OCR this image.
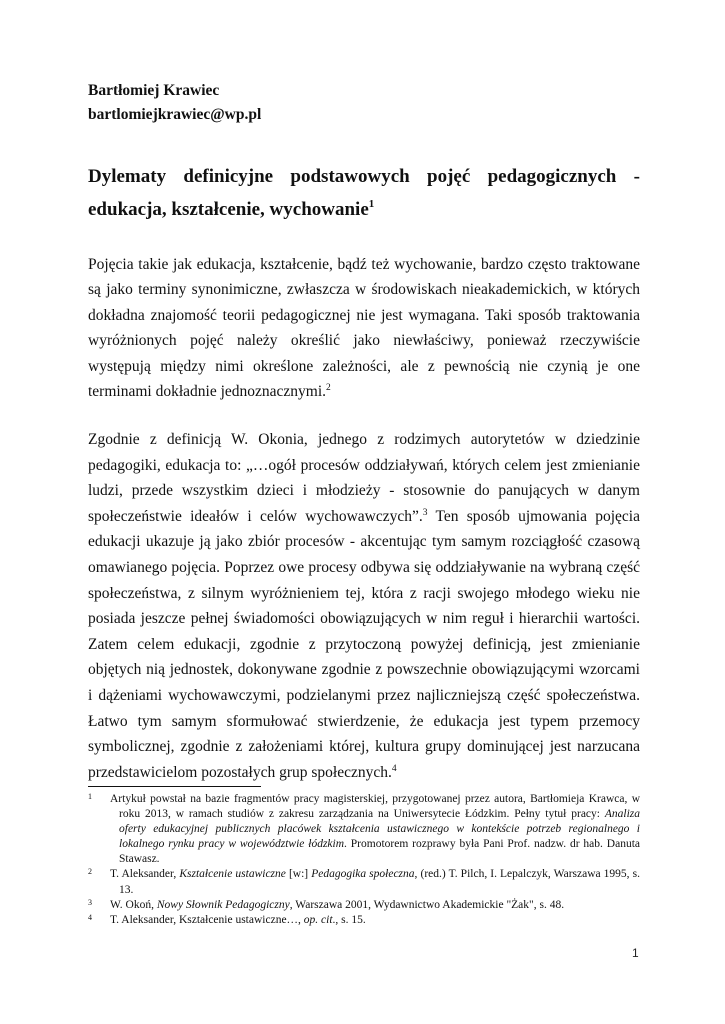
Bartłomiej Krawiec
bartlomiejkrawiec@wp.pl
Dylematy definicyjne podstawowych pojęć pedagogicznych - edukacja, kształcenie, wychowanie$^1$
Pojęcia takie jak edukacja, kształcenie, bądź też wychowanie, bardzo często traktowane są jako terminy synonimiczne, zwłaszcza w środowiskach nieakademickich, w których dokładna znajomość teorii pedagogicznej nie jest wymagana. Taki sposób traktowania wyróżnionych pojęć należy określić jako niewłaściwy, ponieważ rzeczywiście występują między nimi określone zależności, ale z pewnością nie czynią je one terminami dokładnie jednoznacznymi.$^2$
Zgodnie z definicją W. Okonia, jednego z rodzimych autorytetów w dziedzinie pedagogiki, edukacja to: „…ogół procesów oddziaływań, których celem jest zmienianie ludzi, przede wszystkim dzieci i młodzieży - stosownie do panujących w danym społeczeństwie ideałów i celów wychowawczych”.$^3$ Ten sposób ujmowania pojęcia edukacji ukazuje ją jako zbiór procesów - akcentując tym samym rozciągłość czasową omawianego pojęcia. Poprzez owe procesy odbywa się oddziaływanie na wybraną część społeczeństwa, z silnym wyróżnieniem tej, która z racji swojego młodego wieku nie posiada jeszcze pełnej świadomości obowiązujących w nim reguł i hierarchii wartości. Zatem celem edukacji, zgodnie z przytoczoną powyżej definicją, jest zmienianie objętych nią jednostek, dokonywane zgodnie z powszechnie obowiązującymi wzorcami i dążeniami wychowawczymi, podzielanymi przez najliczniejszą część społeczeństwa. Łatwo tym samym sformułować stwierdzenie, że edukacja jest typem przemocy symbolicznej, zgodnie z założeniami której, kultura grupy dominującej jest narzucana przedstawicielom pozostałych grup społecznych.$^4$
1	Artykuł powstał na bazie fragmentów pracy magisterskiej, przygotowanej przez autora, Bartłomieja Krawca, w roku 2013, w ramach studiów z zakresu zarządzania na Uniwersytecie Łódzkim. Pełny tytuł pracy: Analiza oferty edukacyjnej publicznych placówek kształcenia ustawicznego w kontekście potrzeb regionalnego i lokalnego rynku pracy w województwie łódzkim. Promotorem rozprawy była Pani Prof. nadzw. dr hab. Danuta Stawasz.
2	T. Aleksander, Kształcenie ustawiczne [w:] Pedagogika społeczna, (red.) T. Pilch, I. Lepalczyk, Warszawa 1995, s. 13.
3	W. Okoń, Nowy Słownik Pedagogiczny, Warszawa 2001, Wydawnictwo Akademickie "Żak", s. 48.
4	T. Aleksander, Kształcenie ustawiczne…, op. cit., s. 15.
1
